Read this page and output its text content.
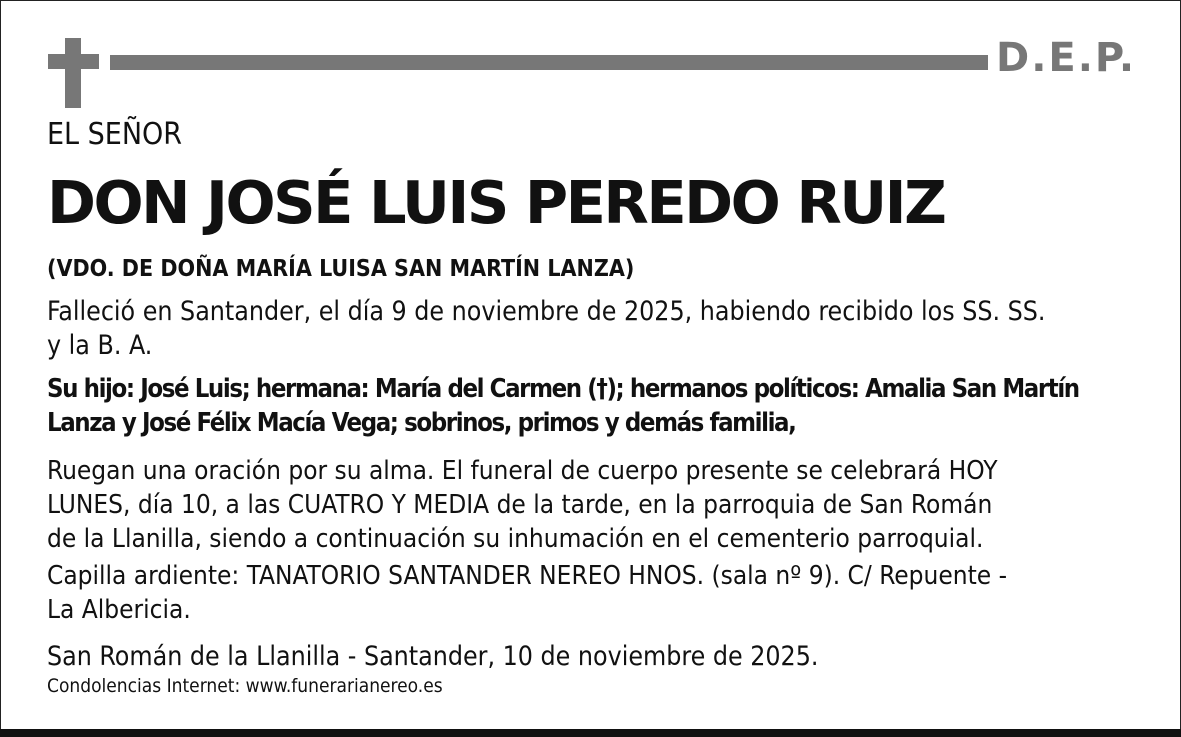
D.E.P.
EL SEÑOR
DON JOSÉ LUIS PEREDO RUIZ
(VDO. DE DOÑA MARÍA LUISA SAN MARTÍN LANZA)
Falleció en Santander, el día 9 de noviembre de 2025, habiendo recibido los SS. SS.
y la B. A.
Su hijo: José Luis; hermana: María del Carmen (†); hermanos políticos: Amalia San Martín
Lanza y José Félix Macía Vega; sobrinos, primos y demás familia,
Ruegan una oración por su alma. El funeral de cuerpo presente se celebrará HOY
LUNES, día 10, a las CUATRO Y MEDIA de la tarde, en la parroquia de San Román
de la Llanilla, siendo a continuación su inhumación en el cementerio parroquial.
Capilla ardiente: TANATORIO SANTANDER NEREO HNOS. (sala nº 9). C/ Repuente -
La Albericia.
San Román de la Llanilla - Santander, 10 de noviembre de 2025.
Condolencias Internet: www.funerarianereo.es
